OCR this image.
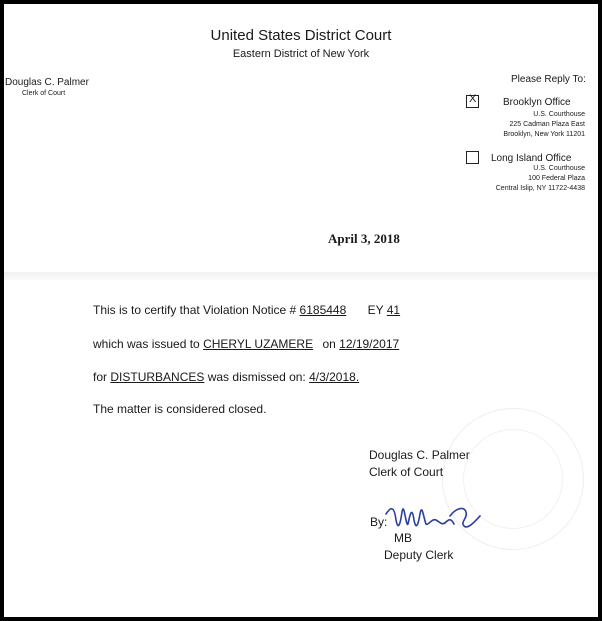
United States District Court
Eastern District of New York
Douglas C. Palmer
Clerk of Court
Please Reply To:
X	Brooklyn Office
U.S. Courthouse
225 Cadman Plaza East
Brooklyn, New York 11201
Long Island Office
U.S. Courthouse
100 Federal Plaza
Central Islip, NY 11722-4438
April 3, 2018
This is to certify that Violation Notice # 6185448 EY 41
which was issued to CHERYL UZAMERE on 12/19/2017
for DISTURBANCES was dismissed on: 4/3/2018.
The matter is considered closed.
Douglas C. Palmer
Clerk of Court
By:
MB
Deputy Clerk
